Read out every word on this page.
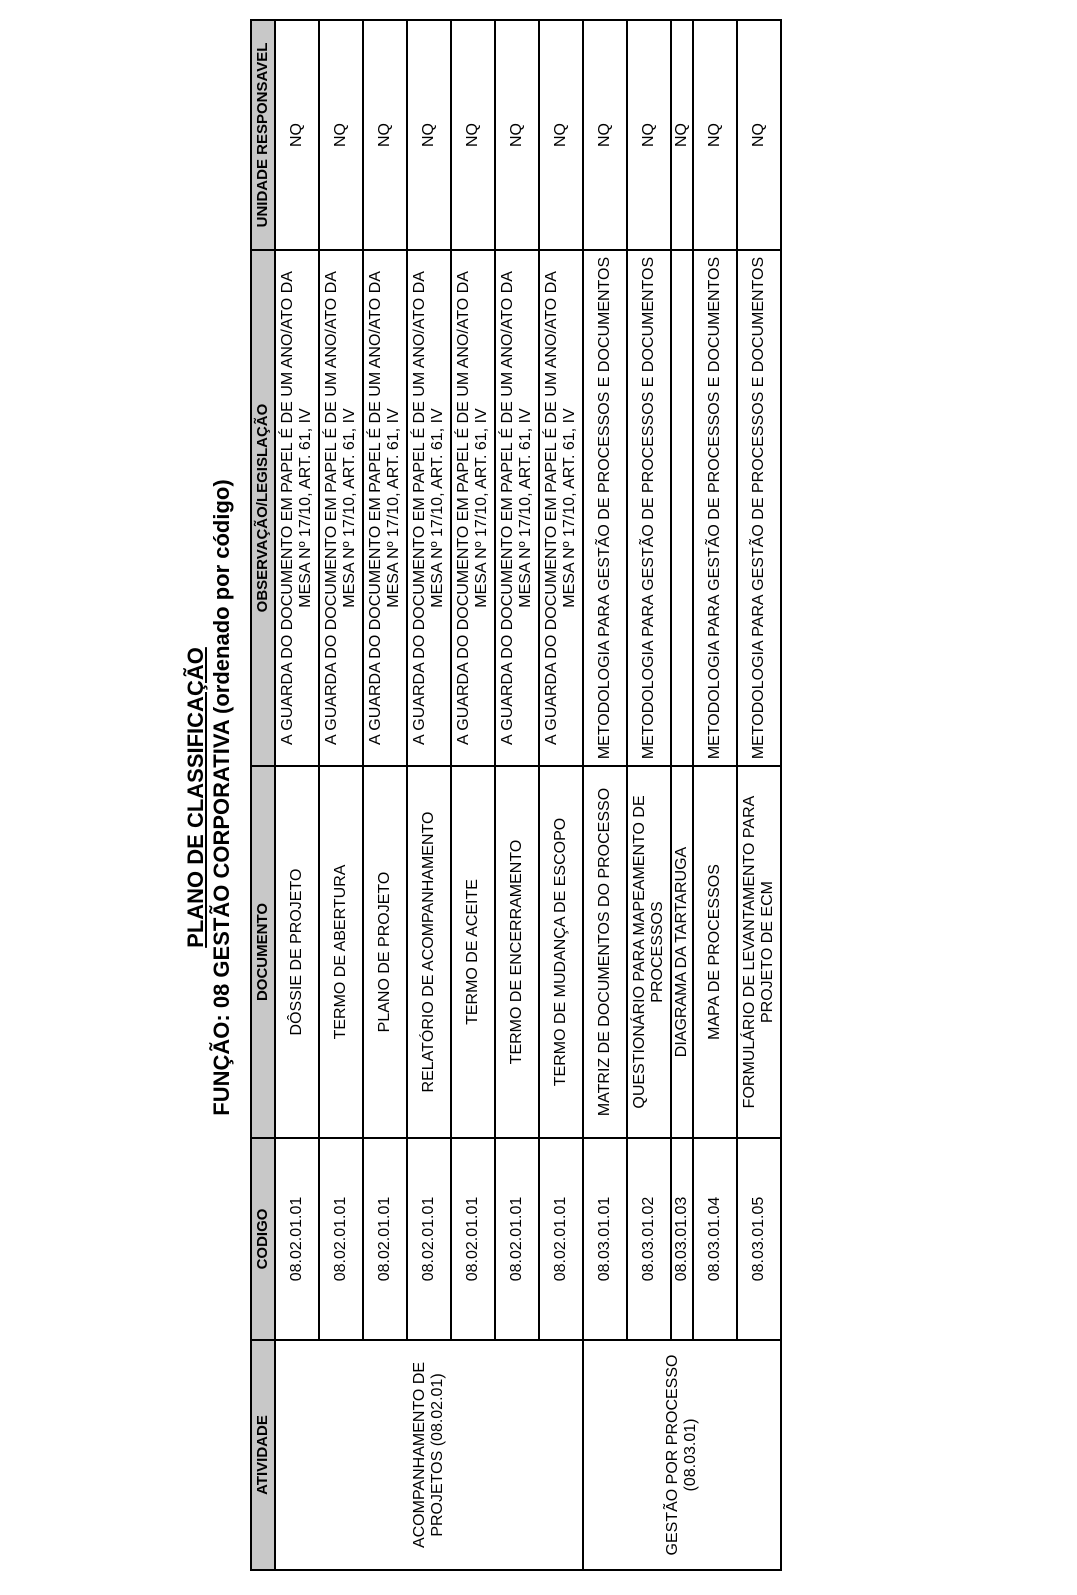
PLANO DE CLASSIFICAÇÃO FUNÇÃO: 08 GESTÃO CORPORATIVA (ordenado por código)
ATIVIDADE	CODIGO	DOCUMENTO	OBSERVAÇÃO/LEGISLAÇÃO	UNIDADE RESPONSAVEL
ACOMPANHAMENTO DE PROJETOS (08.02.01)	08.02.01.01	DÔSSIE DE PROJETO	A GUARDA DO DOCUMENTO EM PAPEL É DE UM ANO/ATO DA MESA Nº 17/10, ART. 61, IV	NQ
	08.02.01.01	TERMO DE ABERTURA	A GUARDA DO DOCUMENTO EM PAPEL É DE UM ANO/ATO DA MESA Nº 17/10, ART. 61, IV	NQ
	08.02.01.01	PLANO DE PROJETO	A GUARDA DO DOCUMENTO EM PAPEL É DE UM ANO/ATO DA MESA Nº 17/10, ART. 61, IV	NQ
	08.02.01.01	RELATÓRIO DE ACOMPANHAMENTO	A GUARDA DO DOCUMENTO EM PAPEL É DE UM ANO/ATO DA MESA Nº 17/10, ART. 61, IV	NQ
	08.02.01.01	TERMO DE ACEITE	A GUARDA DO DOCUMENTO EM PAPEL É DE UM ANO/ATO DA MESA Nº 17/10, ART. 61, IV	NQ
	08.02.01.01	TERMO DE ENCERRAMENTO	A GUARDA DO DOCUMENTO EM PAPEL É DE UM ANO/ATO DA MESA Nº 17/10, ART. 61, IV	NQ
	08.02.01.01	TERMO DE MUDANÇA DE ESCOPO	A GUARDA DO DOCUMENTO EM PAPEL É DE UM ANO/ATO DA MESA Nº 17/10, ART. 61, IV	NQ
GESTÃO POR PROCESSO (08.03.01)	08.03.01.01	MATRIZ DE DOCUMENTOS DO PROCESSO	METODOLOGIA PARA GESTÃO DE PROCESSOS E DOCUMENTOS	NQ
	08.03.01.02	QUESTIONÁRIO PARA MAPEAMENTO DE PROCESSOS	METODOLOGIA PARA GESTÃO DE PROCESSOS E DOCUMENTOS	NQ
	08.03.01.03	DIAGRAMA DA TARTARUGA		NQ
	08.03.01.04	MAPA DE PROCESSOS	METODOLOGIA PARA GESTÃO DE PROCESSOS E DOCUMENTOS	NQ
	08.03.01.05	FORMULÁRIO DE LEVANTAMENTO PARA PROJETO DE ECM	METODOLOGIA PARA GESTÃO DE PROCESSOS E DOCUMENTOS	NQ
